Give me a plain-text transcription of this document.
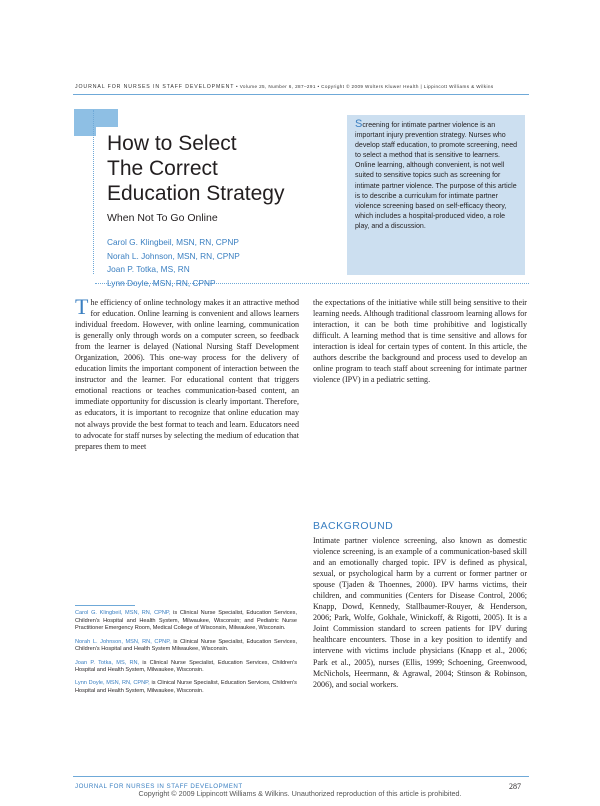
JOURNAL FOR NURSES IN STAFF DEVELOPMENT • Volume 25, Number 6, 287–291 • Copyright © 2009 Wolters Kluwer Health | Lippincott Williams & Wilkins
How to Select
The Correct
Education Strategy
When Not To Go Online
Carol G. Klingbeil, MSN, RN, CPNP
Norah L. Johnson, MSN, RN, CPNP
Joan P. Totka, MS, RN
Lynn Doyle, MSN, RN, CPNP
Screening for intimate partner violence is an important injury prevention strategy. Nurses who develop staff education, to promote screening, need to select a method that is sensitive to learners. Online learning, although convenient, is not well suited to sensitive topics such as screening for intimate partner violence. The purpose of this article is to describe a curriculum for intimate partner violence screening based on self-efficacy theory, which includes a hospital-produced video, a role play, and a discussion.
The efficiency of online technology makes it an attractive method for education. Online learning is convenient and allows learners individual freedom. However, with online learning, communication is generally only through words on a computer screen, so feedback from the learner is delayed (National Nursing Staff Development Organization, 2006). This one-way process for the delivery of education limits the important component of interaction between the instructor and the learner. For educational content that triggers emotional reactions or teaches communication-based content, an immediate opportunity for discussion is clearly important. Therefore, as educators, it is important to recognize that online education may not always provide the best format to teach and learn. Educators need to advocate for staff nurses by selecting the medium of education that prepares them to meet
the expectations of the initiative while still being sensitive to their learning needs. Although traditional classroom learning allows for interaction, it can be both time prohibitive and logistically difficult. A learning method that is time sensitive and allows for interaction is ideal for certain types of content. In this article, the authors describe the background and process used to develop an online program to teach staff about screening for intimate partner violence (IPV) in a pediatric setting.
BACKGROUND
Intimate partner violence screening, also known as domestic violence screening, is an example of a communication-based skill and an emotionally charged topic. IPV is defined as physical, sexual, or psychological harm by a current or former partner or spouse (Tjaden & Thoennes, 2000). IPV harms victims, their children, and communities (Centers for Disease Control, 2006; Knapp, Dowd, Kennedy, Stallbaumer-Rouyer, & Henderson, 2006; Park, Wolfe, Gokhale, Winickoff, & Rigotti, 2005). It is a Joint Commission standard to screen patients for IPV during healthcare encounters. Those in a key position to identify and intervene with victims include physicians (Knapp et al., 2006; Park et al., 2005), nurses (Ellis, 1999; Schoening, Greenwood, McNichols, Heermann, & Agrawal, 2004; Stinson & Robinson, 2006), and social workers.

Carol G. Klingbeil, MSN, RN, CPNP, is Clinical Nurse Specialist, Education Services, Children's Hospital and Health System, Milwaukee, Wisconsin; and Pediatric Nurse Practitioner Emergency Room, Medical College of Wisconsin, Milwaukee, Wisconsin.

Norah L. Johnson, MSN, RN, CPNP, is Clinical Nurse Specialist, Education Services, Children's Hospital and Health System Milwaukee, Wisconsin.

Joan P. Totka, MS, RN, is Clinical Nurse Specialist, Education Services, Children's Hospital and Health System, Milwaukee, Wisconsin.

Lynn Doyle, MSN, RN, CPNP, is Clinical Nurse Specialist, Education Services, Children's Hospital and Health System, Milwaukee, Wisconsin.

JOURNAL FOR NURSES IN STAFF DEVELOPMENT	287
Copyright © 2009 Lippincott Williams & Wilkins. Unauthorized reproduction of this article is prohibited.
